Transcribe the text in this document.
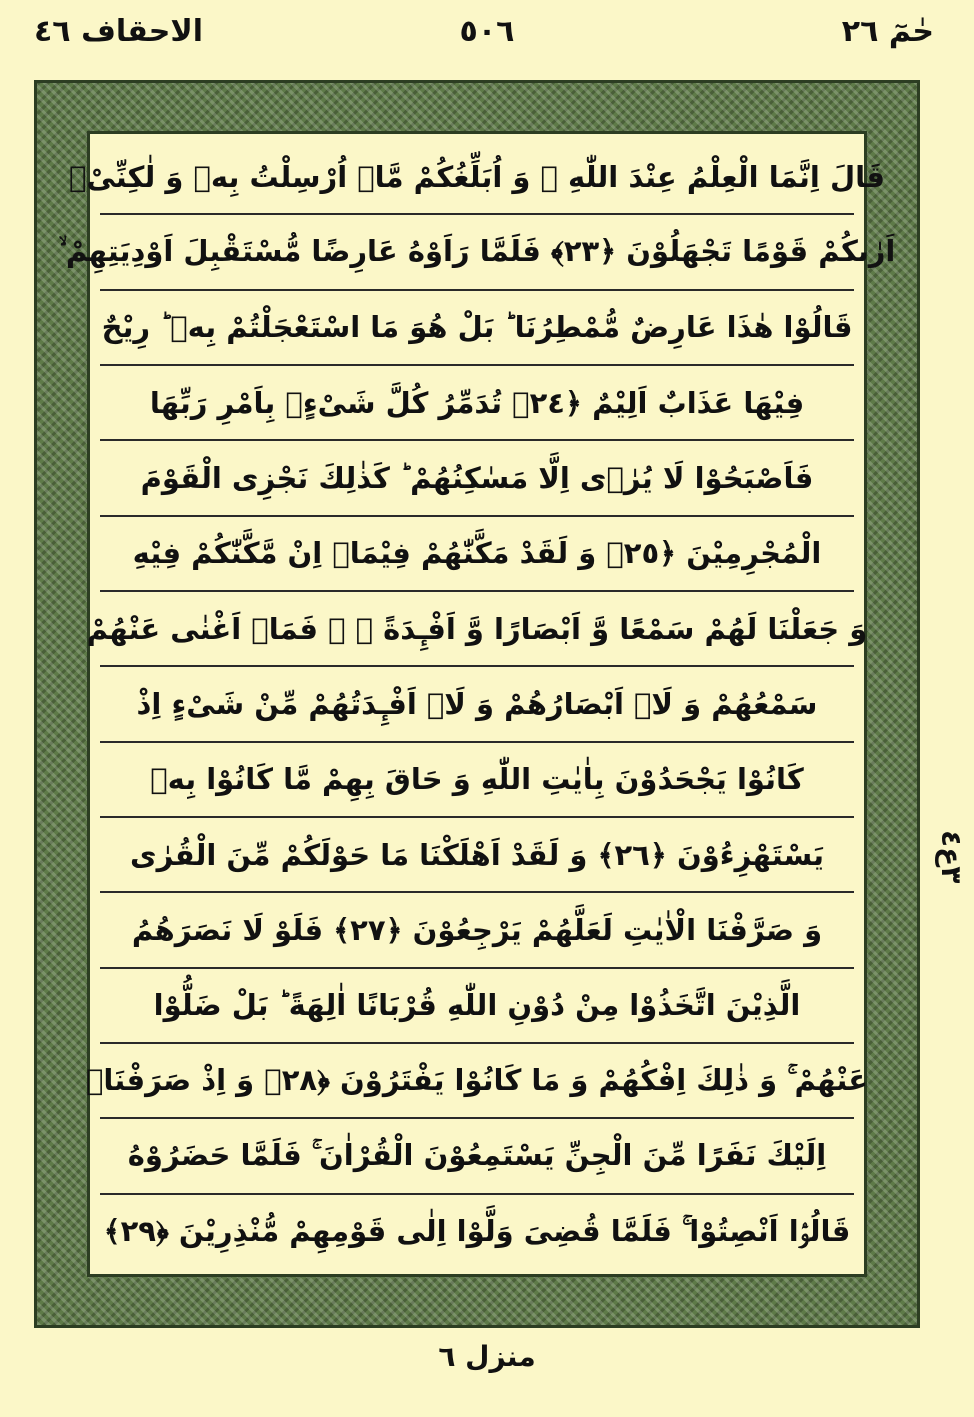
الاحقاف ٤٦	٥٠٦	حٰمٓ ٢٦
قَالَ اِنَّمَا الْعِلْمُ عِنْدَ اللّٰهِ ۖ وَ اُبَلِّغُكُمْ مَّاۤ اُرْسِلْتُ بِهٖ وَ لٰكِنِّیْۤ
اَرٰىكُمْ قَوْمًا تَجْهَلُوْنَ ﴿٢٣﴾ فَلَمَّا رَاَوْهُ عَارِضًا مُّسْتَقْبِلَ اَوْدِیَتِهِمْ ۙ
قَالُوْا هٰذَا عَارِضٌ مُّمْطِرُنَا ؕ بَلْ هُوَ مَا اسْتَعْجَلْتُمْ بِهٖ ؕ رِیْحٌ
فِیْهَا عَذَابٌ اَلِیْمٌ ﴿٢٤﴾ تُدَمِّرُ كُلَّ شَیْءٍۭ بِاَمْرِ رَبِّهَا
فَاَصْبَحُوْا لَا یُرٰۤى اِلَّا مَسٰكِنُهُمْ ؕ كَذٰلِكَ نَجْزِی الْقَوْمَ
الْمُجْرِمِیْنَ ﴿٢٥﴾ وَ لَقَدْ مَكَّنّٰهُمْ فِیْمَاۤ اِنْ مَّكَّنّٰكُمْ فِیْهِ
وَ جَعَلْنَا لَهُمْ سَمْعًا وَّ اَبْصَارًا وَّ اَفْـِٕدَةً ۖ ؗ فَمَاۤ اَغْنٰى عَنْهُمْ
سَمْعُهُمْ وَ لَاۤ اَبْصَارُهُمْ وَ لَاۤ اَفْـِٕدَتُهُمْ مِّنْ شَیْءٍ اِذْ
كَانُوْا یَجْحَدُوْنَ بِاٰیٰتِ اللّٰهِ وَ حَاقَ بِهِمْ مَّا كَانُوْا بِهٖ
یَسْتَهْزِءُوْنَ ﴿٢٦﴾ وَ لَقَدْ اَهْلَكْنَا مَا حَوْلَكُمْ مِّنَ الْقُرٰى
وَ صَرَّفْنَا الْاٰیٰتِ لَعَلَّهُمْ یَرْجِعُوْنَ ﴿٢٧﴾ فَلَوْ لَا نَصَرَهُمُ
الَّذِیْنَ اتَّخَذُوْا مِنْ دُوْنِ اللّٰهِ قُرْبَانًا اٰلِهَةً ؕ بَلْ ضَلُّوْا
عَنْهُمْ ۚ وَ ذٰلِكَ اِفْكُهُمْ وَ مَا كَانُوْا یَفْتَرُوْنَ ﴿٢٨﴾ وَ اِذْ صَرَفْنَاۤ
اِلَیْكَ نَفَرًا مِّنَ الْجِنِّ یَسْتَمِعُوْنَ الْقُرْاٰنَ ۚ فَلَمَّا حَضَرُوْهُ
قَالُوْۤا اَنْصِتُوْا ۚ فَلَمَّا قُضِیَ وَلَّوْا اِلٰى قَوْمِهِمْ مُّنْذِرِیْنَ ﴿٢٩﴾
٣ع٤
منزل ٦
